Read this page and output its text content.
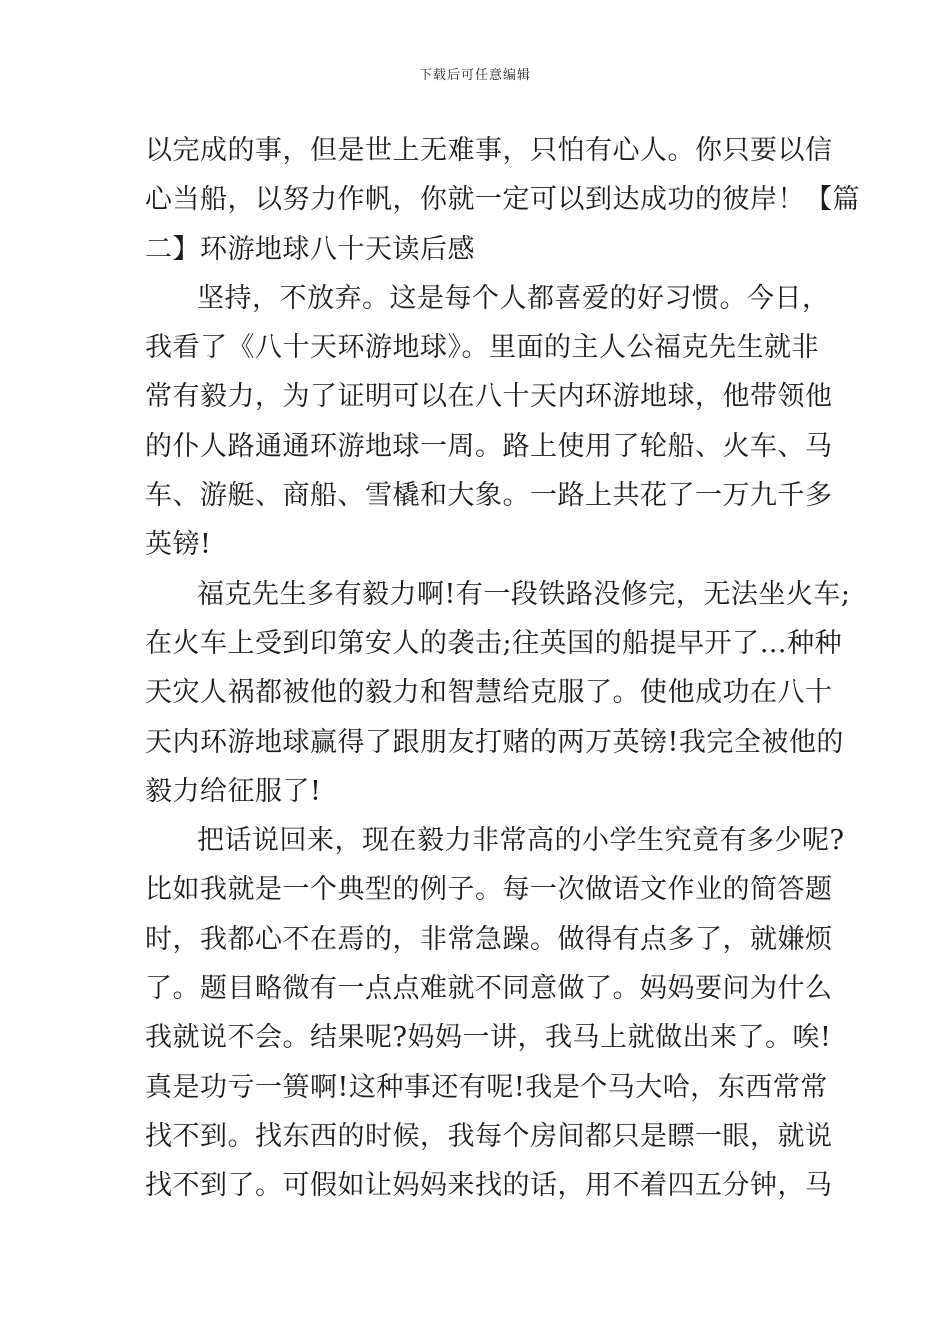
下载后可任意编辑
以完成的事，但是世上无难事，只怕有心人。你只要以信
心当船，以努力作帆，你就一定可以到达成功的彼岸！【篇
二】环游地球八十天读后感
坚持，不放弃。这是每个人都喜爱的好习惯。今日，
我看了《八十天环游地球》。里面的主人公福克先生就非
常有毅力，为了证明可以在八十天内环游地球，他带领他
的仆人路通通环游地球一周。路上使用了轮船、火车、马
车、游艇、商船、雪橇和大象。一路上共花了一万九千多
英镑!
福克先生多有毅力啊!有一段铁路没修完，无法坐火车;
在火车上受到印第安人的袭击;往英国的船提早开了…种种
天灾人祸都被他的毅力和智慧给克服了。使他成功在八十
天内环游地球赢得了跟朋友打赌的两万英镑!我完全被他的
毅力给征服了!
把话说回来，现在毅力非常高的小学生究竟有多少呢?
比如我就是一个典型的例子。每一次做语文作业的简答题
时，我都心不在焉的，非常急躁。做得有点多了，就嫌烦
了。题目略微有一点点难就不同意做了。妈妈要问为什么
我就说不会。结果呢?妈妈一讲，我马上就做出来了。唉!
真是功亏一篑啊!这种事还有呢!我是个马大哈，东西常常
找不到。找东西的时候，我每个房间都只是瞟一眼，就说
找不到了。可假如让妈妈来找的话，用不着四五分钟，马
